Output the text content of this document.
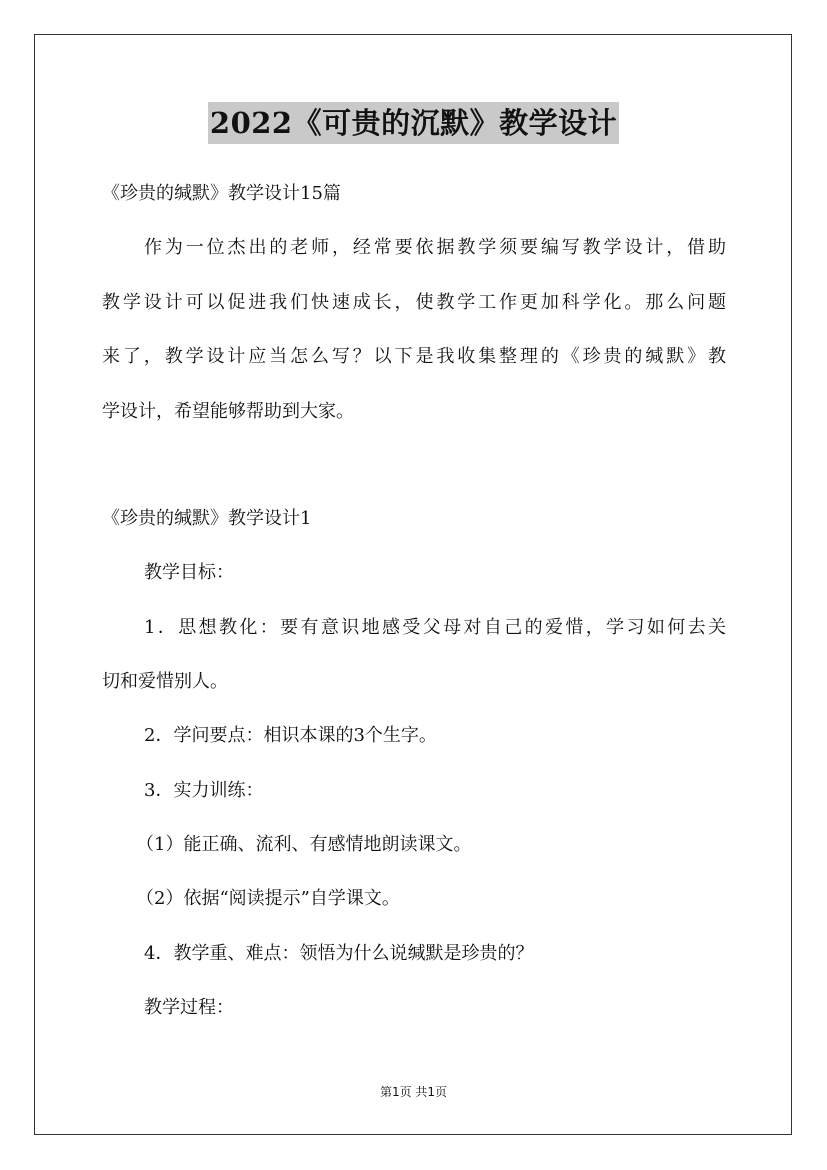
2022《可贵的沉默》教学设计
《珍贵的缄默》教学设计15篇
作为一位杰出的老师，经常要依据教学须要编写教学设计，借助
教学设计可以促进我们快速成长，使教学工作更加科学化。那么问题
来了，教学设计应当怎么写？以下是我收集整理的《珍贵的缄默》教
学设计，希望能够帮助到大家。
《珍贵的缄默》教学设计1
教学目标：
1．思想教化：要有意识地感受父母对自己的爱惜，学习如何去关
切和爱惜别人。
2．学问要点：相识本课的3个生字。
3．实力训练：
（1）能正确、流利、有感情地朗读课文。
（2）依据“阅读提示”自学课文。
4．教学重、难点：领悟为什么说缄默是珍贵的？
教学过程：
第1页 共1页
